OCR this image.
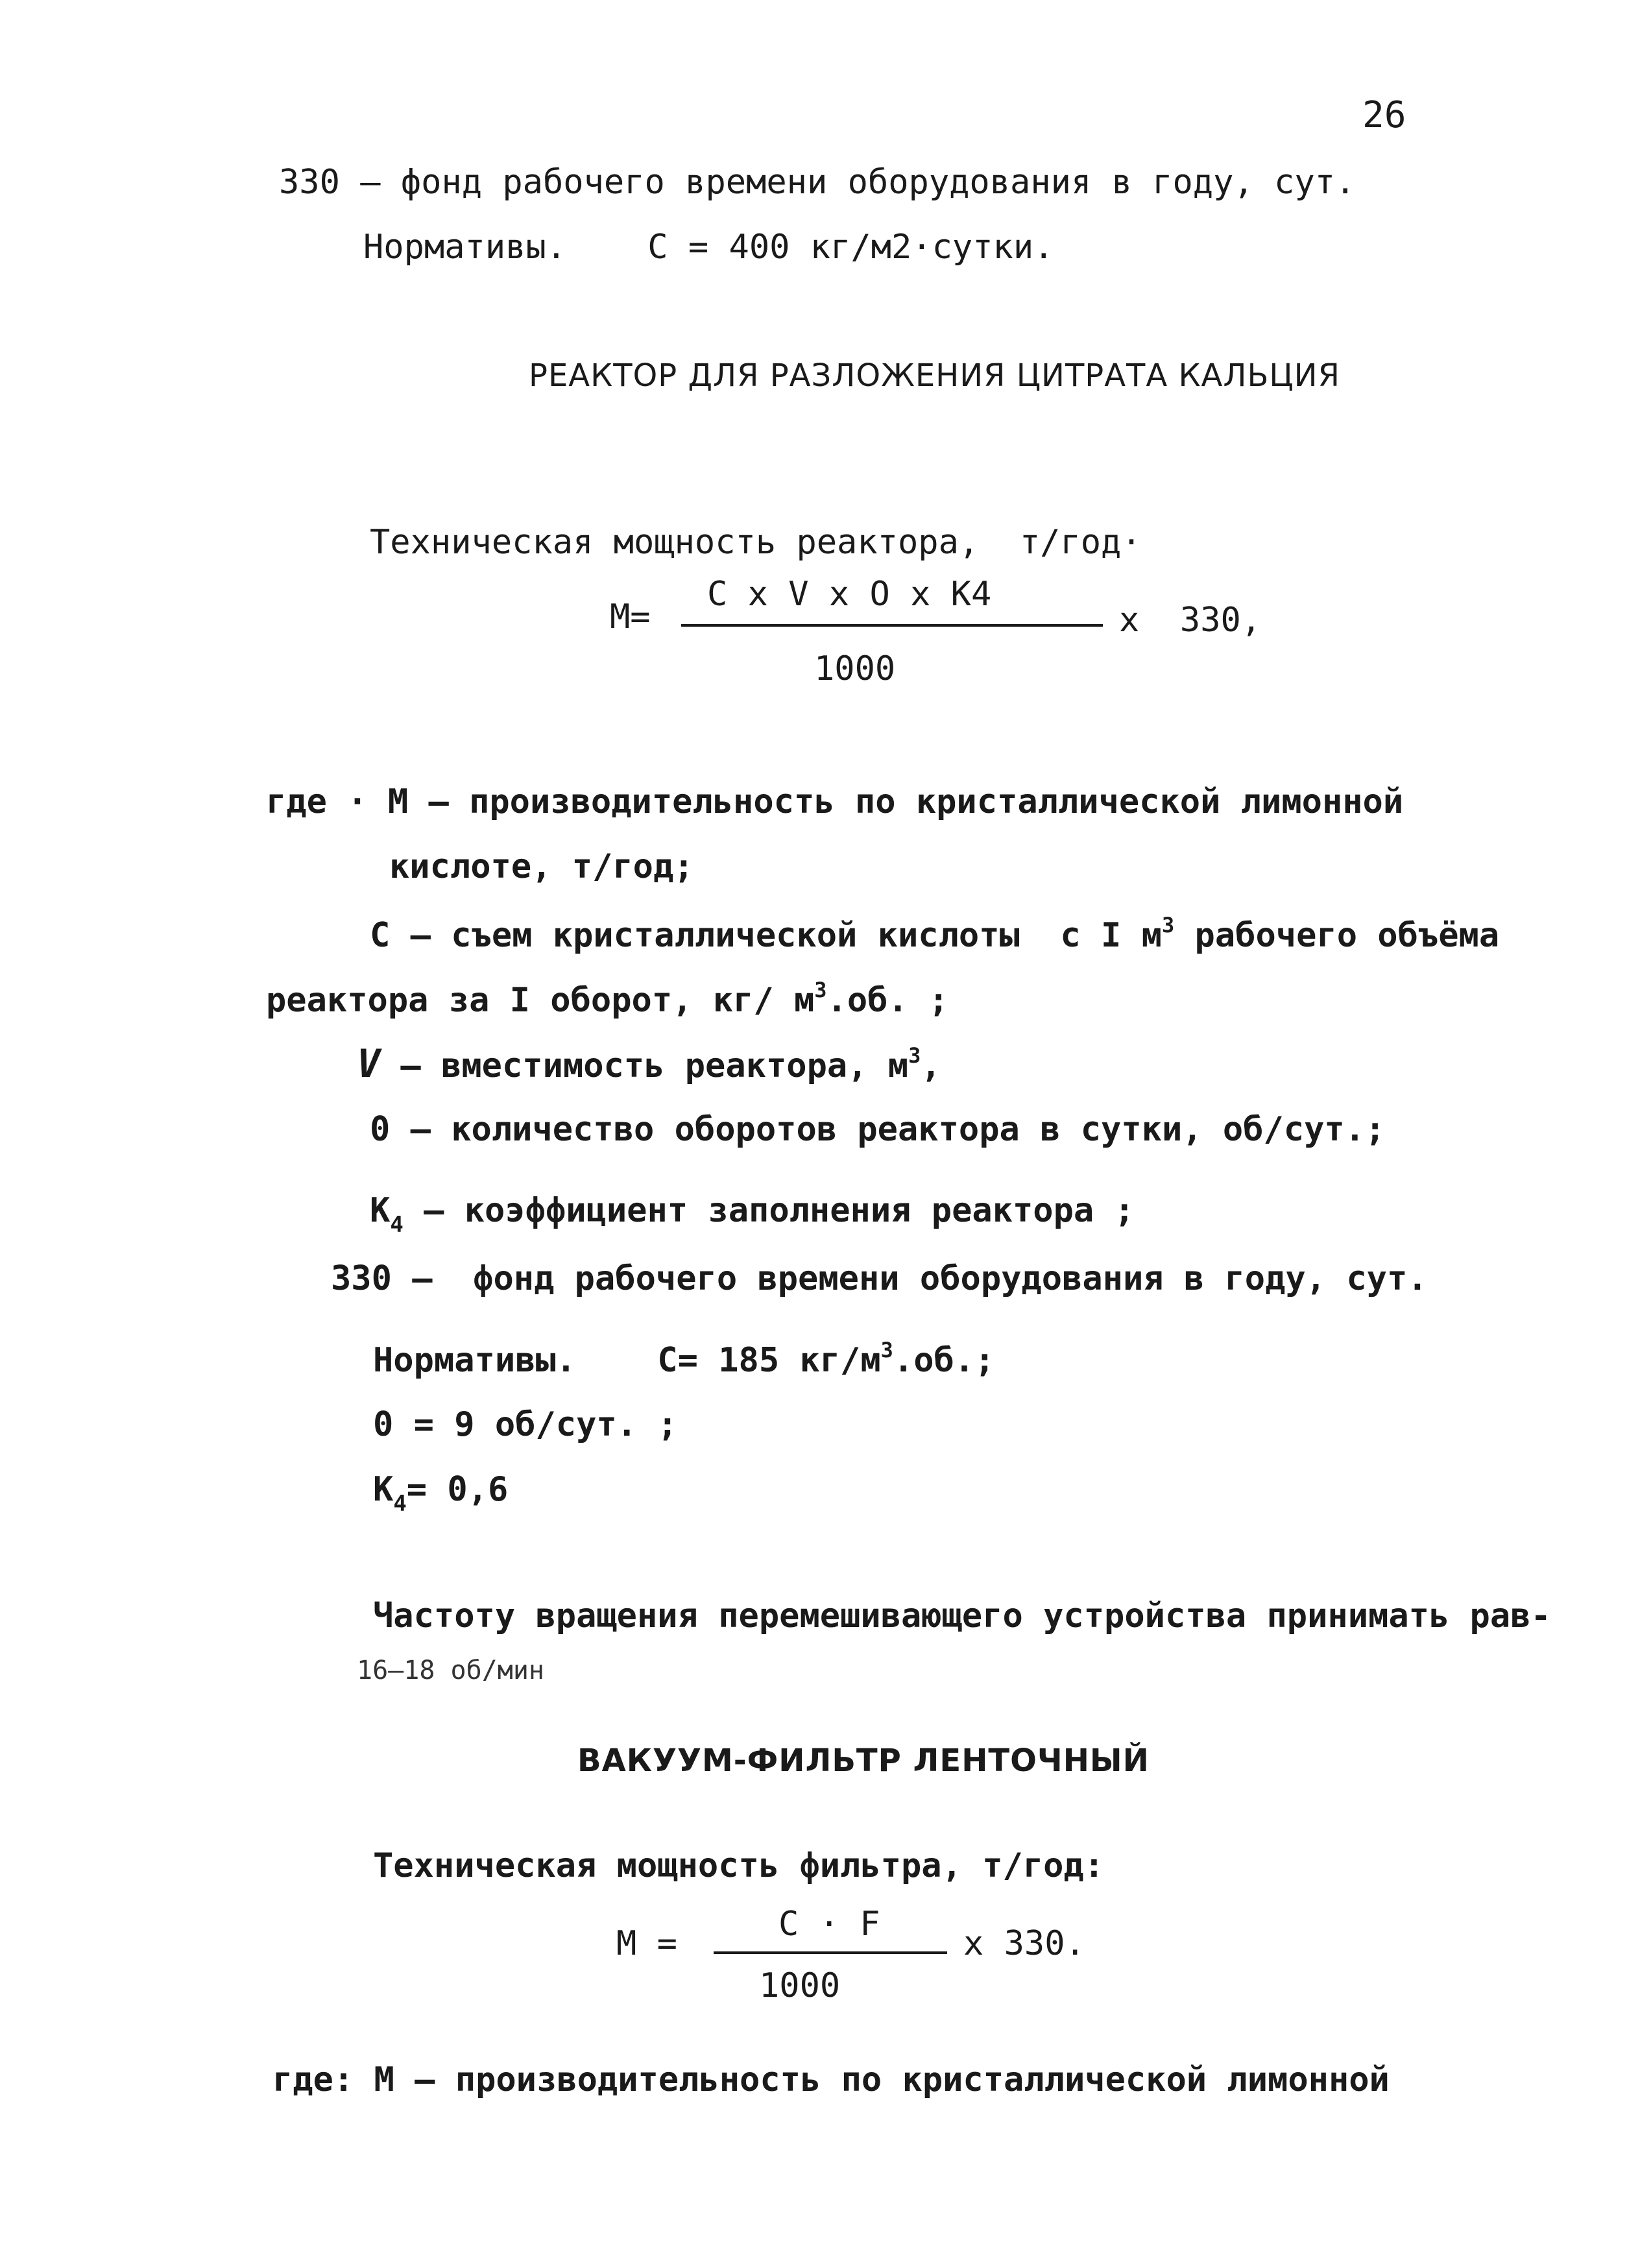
26
330 – фонд рабочего времени оборудования в году, сут.
Нормативы.    С = 400 кг/м2·сутки.
РЕАКТОР ДЛЯ РАЗЛОЖЕНИЯ ЦИТРАТА КАЛЬЦИЯ
Техническая мощность реактора,  т/год·
М=
C x V x O x K4
x  330,
1000
где · М – производительность по кристаллической лимонной
кислоте, т/год;
С – съем кристаллической кислоты  с I $м^3$ рабочего объёма
реактора за I оборот, кг/ $м^3.об$. ;
V – вместимость реактора, $м^3$,
0 – количество оборотов реактора в сутки, об/сут.;
$К_4$ – коэффициент заполнения реактора ;
330 –  фонд рабочего времени оборудования в году, сут.
Нормативы.    С= 185 $кг/м^3.об$.;
0 = 9 об/сут. ;
$К_4= 0,6$
Частоту вращения перемешивающего устройства принимать рав-
16–18 об/мин
ВАКУУМ-ФИЛЬТР ЛЕНТОЧНЫЙ
Техническая мощность фильтра, т/год:
М =	С · F x 330.
1000
где: М – производительность по кристаллической лимонной
